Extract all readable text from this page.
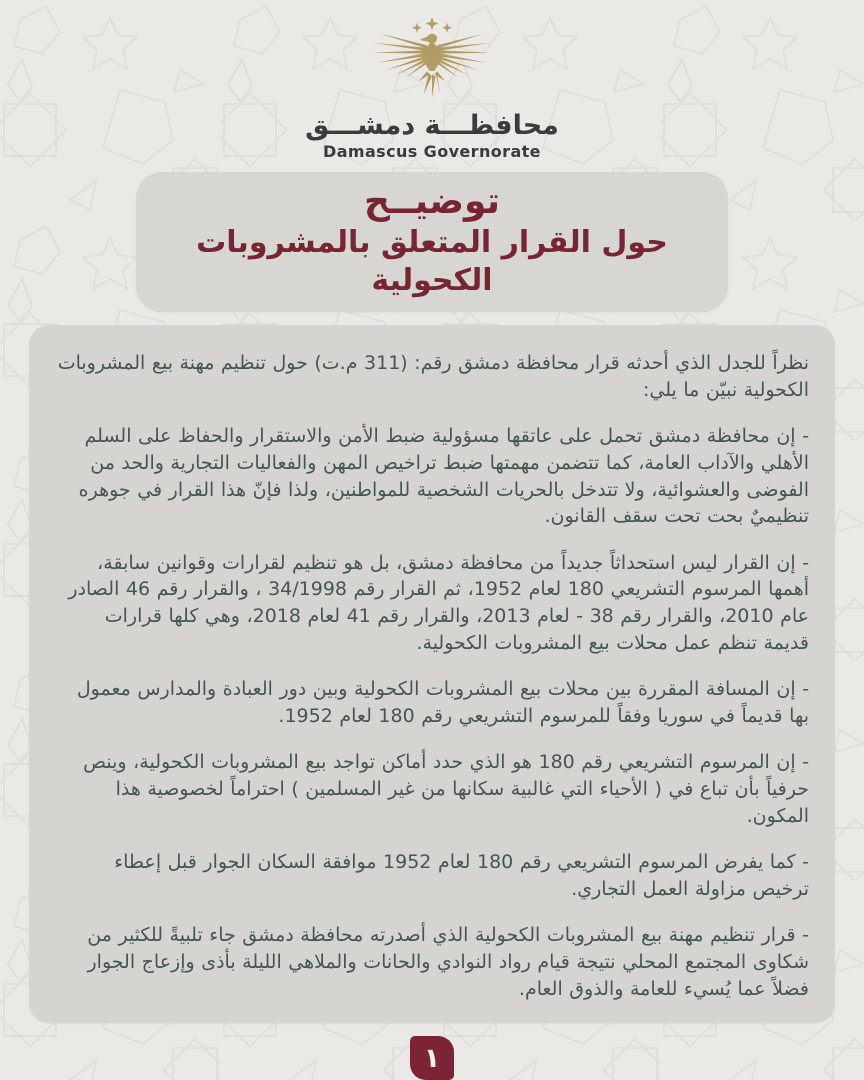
محافظـــة دمشـــق
Damascus Governorate
توضيــح
حول القرار المتعلق بالمشروبات الكحولية

نظراً للجدل الذي أحدثه قرار محافظة دمشق رقم: (311 م.ت) حول تنظيم مهنة بيع المشروبات الكحولية نبيّن ما يلي:

- إن محافظة دمشق تحمل على عاتقها مسؤولية ضبط الأمن والاستقرار والحفاظ على السلم الأهلي والآداب العامة، كما تتضمن مهمتها ضبط تراخيص المهن والفعاليات التجارية والحد من الفوضى والعشوائية، ولا تتدخل بالحريات الشخصية للمواطنين، ولذا فإنّ هذا القرار في جوهره تنظيميٌ بحت تحت سقف القانون.

- إن القرار ليس استحداثاً جديداً من محافظة دمشق، بل هو تنظيم لقرارات وقوانين سابقة، أهمها المرسوم التشريعي 180 لعام 1952، ثم القرار رقم 34/1998 ، والقرار رقم 46 الصادر عام 2010، والقرار رقم 38 - لعام 2013، والقرار رقم 41 لعام 2018، وهي كلها قرارات قديمة تنظم عمل محلات بيع المشروبات الكحولية.

- إن المسافة المقررة بين محلات بيع المشروبات الكحولية وبين دور العبادة والمدارس معمول بها قديماً في سوريا وفقاً للمرسوم التشريعي رقم 180 لعام 1952.

- إن المرسوم التشريعي رقم 180 هو الذي حدد أماكن تواجد بيع المشروبات الكحولية، وينص حرفياً بأن تباع في ( الأحياء التي غالبية سكانها من غير المسلمين ) احتراماً لخصوصية هذا المكون.

- كما يفرض المرسوم التشريعي رقم 180 لعام 1952 موافقة السكان الجوار قبل إعطاء ترخيص مزاولة العمل التجاري.

- قرار تنظيم مهنة بيع المشروبات الكحولية الذي أصدرته محافظة دمشق جاء تلبيةً للكثير من شكاوى المجتمع المحلي نتيجة قيام رواد النوادي والحانات والملاهي الليلة بأذى وإزعاج الجوار فضلاً عما يُسيء للعامة والذوق العام.

١
